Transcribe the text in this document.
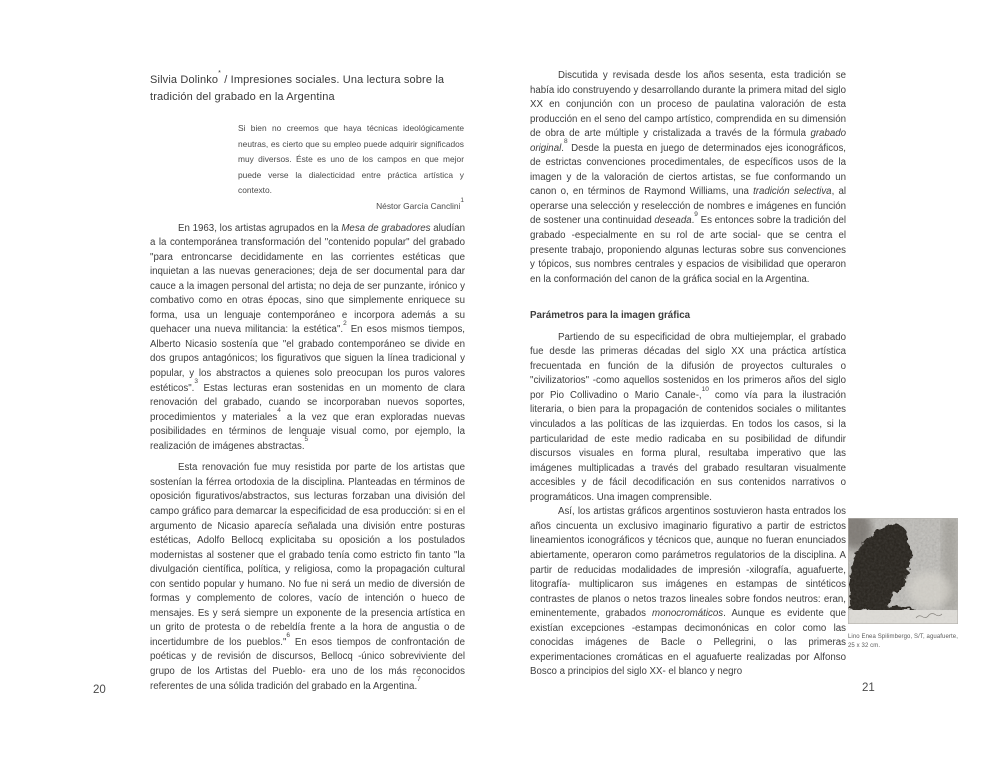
Silvia Dolinko* / Impresiones sociales. Una lectura sobre la tradición del grabado en la Argentina
Si bien no creemos que haya técnicas ideológicamente neutras, es cierto que su empleo puede adquirir significados muy diversos. Éste es uno de los campos en que mejor puede verse la dialecticidad entre práctica artística y contexto.
Néstor García Canclini$^1$

En 1963, los artistas agrupados en la Mesa de grabadores aludían a la contemporánea transformación del "contenido popular" del grabado "para entroncarse decididamente en las corrientes estéticas que inquietan a las nuevas generaciones; deja de ser documental para dar cauce a la imagen personal del artista; no deja de ser punzante, irónico y combativo como en otras épocas, sino que simplemente enriquece su forma, usa un lenguaje contemporáneo e incorpora además a su quehacer una nueva militancia: la estética".$^2$ En esos mismos tiempos, Alberto Nicasio sostenía que "el grabado contemporáneo se divide en dos grupos antagónicos; los figurativos que siguen la línea tradicional y popular, y los abstractos a quienes solo preocupan los puros valores estéticos".$^3$ Estas lecturas eran sostenidas en un momento de clara renovación del grabado, cuando se incorporaban nuevos soportes, procedimientos y materiales$^4$ a la vez que eran exploradas nuevas posibilidades en términos de lenguaje visual como, por ejemplo, la realización de imágenes abstractas.$^5$

Esta renovación fue muy resistida por parte de los artistas que sostenían la férrea ortodoxia de la disciplina. Planteadas en términos de oposición figurativos/abstractos, sus lecturas forzaban una división del campo gráfico para demarcar la especificidad de esa producción: si en el argumento de Nicasio aparecía señalada una división entre posturas estéticas, Adolfo Bellocq explicitaba su oposición a los postulados modernistas al sostener que el grabado tenía como estricto fin tanto "la divulgación científica, política, y religiosa, como la propagación cultural con sentido popular y humano. No fue ni será un medio de diversión de formas y complemento de colores, vacío de intención o hueco de mensajes. Es y será siempre un exponente de la presencia artística en un grito de protesta o de rebeldía frente a la hora de angustia o de incertidumbre de los pueblos."$^6$ En esos tiempos de confrontación de poéticas y de revisión de discursos, Bellocq -único sobreviviente del grupo de los Artistas del Pueblo- era uno de los más reconocidos referentes de una sólida tradición del grabado en la Argentina.$^7$

Discutida y revisada desde los años sesenta, esta tradición se había ido construyendo y desarrollando durante la primera mitad del siglo XX en conjunción con un proceso de paulatina valoración de esta producción en el seno del campo artístico, comprendida en su dimensión de obra de arte múltiple y cristalizada a través de la fórmula grabado original.$^8$ Desde la puesta en juego de determinados ejes iconográficos, de estrictas convenciones procedimentales, de específicos usos de la imagen y de la valoración de ciertos artistas, se fue conformando un canon o, en términos de Raymond Williams, una tradición selectiva, al operarse una selección y reselección de nombres e imágenes en función de sostener una continuidad deseada.$^9$ Es entonces sobre la tradición del grabado -especialmente en su rol de arte social- que se centra el presente trabajo, proponiendo algunas lecturas sobre sus convenciones y tópicos, sus nombres centrales y espacios de visibilidad que operaron en la conformación del canon de la gráfica social en la Argentina.

Parámetros para la imagen gráfica

Partiendo de su especificidad de obra multiejemplar, el grabado fue desde las primeras décadas del siglo XX una práctica artística frecuentada en función de la difusión de proyectos culturales o "civilizatorios" -como aquellos sostenidos en los primeros años del siglo por Pio Collivadino o Mario Canale-,$^{10}$ como vía para la ilustración literaria, o bien para la propagación de contenidos sociales o militantes vinculados a las políticas de las izquierdas. En todos los casos, si la particularidad de este medio radicaba en su posibilidad de difundir discursos visuales en forma plural, resultaba imperativo que las imágenes multiplicadas a través del grabado resultaran visualmente accesibles y de fácil decodificación en sus contenidos narrativos o programáticos. Una imagen comprensible.

Así, los artistas gráficos argentinos sostuvieron hasta entrados los años cincuenta un exclusivo imaginario figurativo a partir de estrictos lineamientos iconográficos y técnicos que, aunque no fueran enunciados abiertamente, operaron como parámetros regulatorios de la disciplina. A partir de reducidas modalidades de impresión -xilografía, aguafuerte, litografía- multiplicaron sus imágenes en estampas de sintéticos contrastes de planos o netos trazos lineales sobre fondos neutros: eran, eminentemente, grabados monocromáticos. Aunque es evidente que existían excepciones -estampas decimonónicas en color como las conocidas imágenes de Bacle o Pellegrini, o las primeras experimentaciones cromáticas en el aguafuerte realizadas por Alfonso Bosco a principios del siglo XX- el blanco y negro

Lino Enea Spilimbergo, S/T, aguafuerte,
25 x 32 cm.
20	21
